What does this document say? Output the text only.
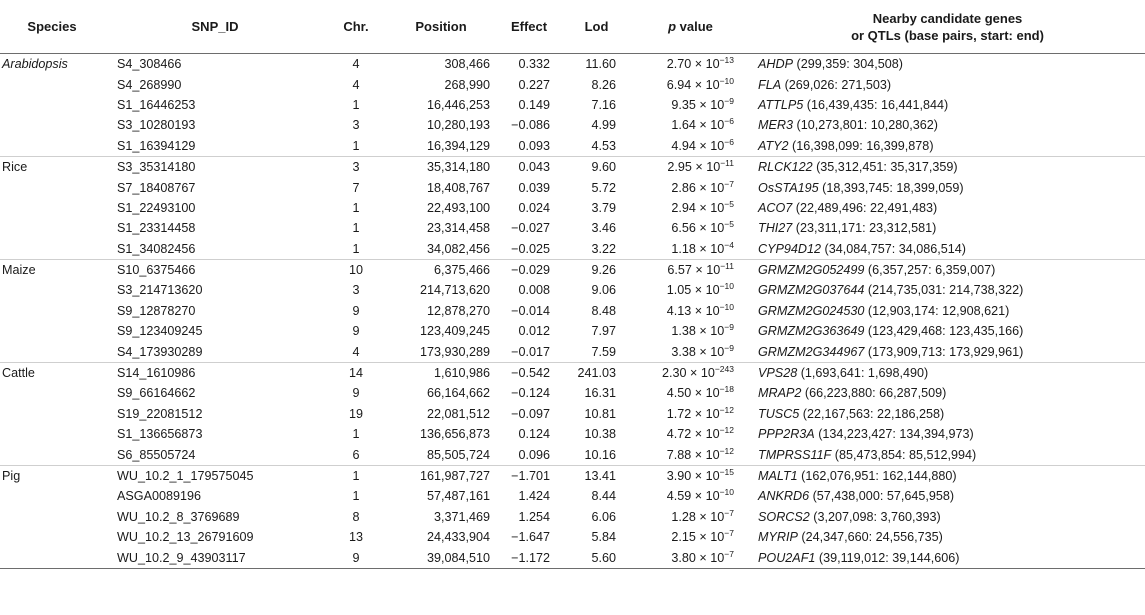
Species	SNP_ID	Chr.	Position	Effect	Lod	p value	Nearby candidate genes
or QTLs (base pairs, start: end)
Arabidopsis	S4_308466	4	308,466	0.332	11.60	$2.70 \times 10^{-13}$	AHDP (299,359: 304,508)
	S4_268990	4	268,990	0.227	8.26	$6.94 \times 10^{-10}$	FLA (269,026: 271,503)
	S1_16446253	1	16,446,253	0.149	7.16	$9.35 \times 10^{-9}$	ATTLP5 (16,439,435: 16,441,844)
	S3_10280193	3	10,280,193	−0.086	4.99	$1.64 \times 10^{-6}$	MER3 (10,273,801: 10,280,362)
	S1_16394129	1	16,394,129	0.093	4.53	$4.94 \times 10^{-6}$	ATY2 (16,398,099: 16,399,878)
Rice	S3_35314180	3	35,314,180	0.043	9.60	$2.95 \times 10^{-11}$	RLCK122 (35,312,451: 35,317,359)
	S7_18408767	7	18,408,767	0.039	5.72	$2.86 \times 10^{-7}$	OsSTA195 (18,393,745: 18,399,059)
	S1_22493100	1	22,493,100	0.024	3.79	$2.94 \times 10^{-5}$	ACO7 (22,489,496: 22,491,483)
	S1_23314458	1	23,314,458	−0.027	3.46	$6.56 \times 10^{-5}$	THI27 (23,311,171: 23,312,581)
	S1_34082456	1	34,082,456	−0.025	3.22	$1.18 \times 10^{-4}$	CYP94D12 (34,084,757: 34,086,514)
Maize	S10_6375466	10	6,375,466	−0.029	9.26	$6.57 \times 10^{-11}$	GRMZM2G052499 (6,357,257: 6,359,007)
	S3_214713620	3	214,713,620	0.008	9.06	$1.05 \times 10^{-10}$	GRMZM2G037644 (214,735,031: 214,738,322)
	S9_12878270	9	12,878,270	−0.014	8.48	$4.13 \times 10^{-10}$	GRMZM2G024530 (12,903,174: 12,908,621)
	S9_123409245	9	123,409,245	0.012	7.97	$1.38 \times 10^{-9}$	GRMZM2G363649 (123,429,468: 123,435,166)
	S4_173930289	4	173,930,289	−0.017	7.59	$3.38 \times 10^{-9}$	GRMZM2G344967 (173,909,713: 173,929,961)
Cattle	S14_1610986	14	1,610,986	−0.542	241.03	$2.30 \times 10^{-243}$	VPS28 (1,693,641: 1,698,490)
	S9_66164662	9	66,164,662	−0.124	16.31	$4.50 \times 10^{-18}$	MRAP2 (66,223,880: 66,287,509)
	S19_22081512	19	22,081,512	−0.097	10.81	$1.72 \times 10^{-12}$	TUSC5 (22,167,563: 22,186,258)
	S1_136656873	1	136,656,873	0.124	10.38	$4.72 \times 10^{-12}$	PPP2R3A (134,223,427: 134,394,973)
	S6_85505724	6	85,505,724	0.096	10.16	$7.88 \times 10^{-12}$	TMPRSS11F (85,473,854: 85,512,994)
Pig	WU_10.2_1_179575045	1	161,987,727	−1.701	13.41	$3.90 \times 10^{-15}$	MALT1 (162,076,951: 162,144,880)
	ASGA0089196	1	57,487,161	1.424	8.44	$4.59 \times 10^{-10}$	ANKRD6 (57,438,000: 57,645,958)
	WU_10.2_8_3769689	8	3,371,469	1.254	6.06	$1.28 \times 10^{-7}$	SORCS2 (3,207,098: 3,760,393)
	WU_10.2_13_26791609	13	24,433,904	−1.647	5.84	$2.15 \times 10^{-7}$	MYRIP (24,347,660: 24,556,735)
	WU_10.2_9_43903117	9	39,084,510	−1.172	5.60	$3.80 \times 10^{-7}$	POU2AF1 (39,119,012: 39,144,606)
